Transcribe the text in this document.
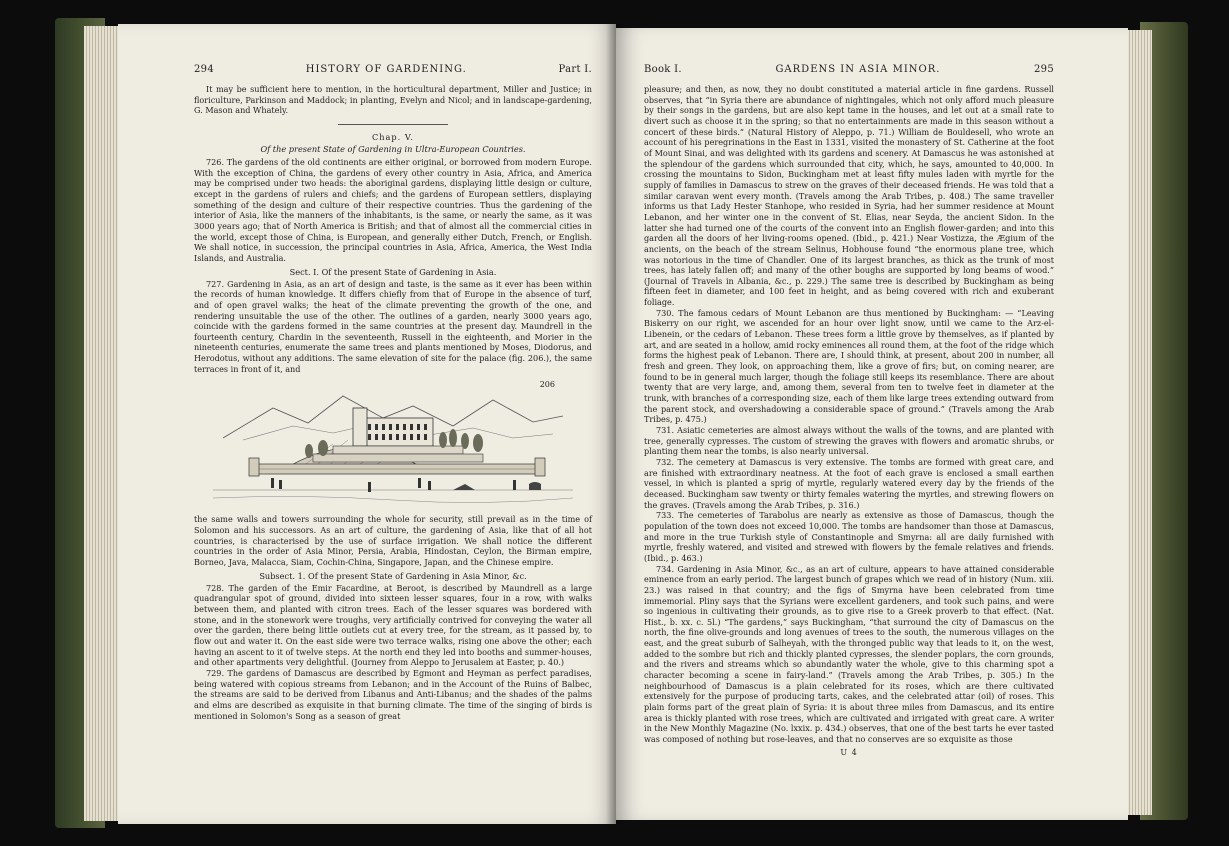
294	HISTORY OF GARDENING.	Part I.

It may be sufficient here to mention, in the horticultural department, Miller and Justice; in floriculture, Parkinson and Maddock; in planting, Evelyn and Nicol; and in landscape-gardening, G. Mason and Whately.

Chap. V.
Of the present State of Gardening in Ultra-European Countries.

726. The gardens of the old continents are either original, or borrowed from modern Europe. With the exception of China, the gardens of every other country in Asia, Africa, and America may be comprised under two heads: the aboriginal gardens, displaying little design or culture, except in the gardens of rulers and chiefs; and the gardens of European settlers, displaying something of the design and culture of their respective countries. Thus the gardening of the interior of Asia, like the manners of the inhabitants, is the same, or nearly the same, as it was 3000 years ago; that of North America is British; and that of almost all the commercial cities in the world, except those of China, is European, and generally either Dutch, French, or English. We shall notice, in succession, the principal countries in Asia, Africa, America, the West India Islands, and Australia.

Sect. I. Of the present State of Gardening in Asia.

727. Gardening in Asia, as an art of design and taste, is the same as it ever has been within the records of human knowledge. It differs chiefly from that of Europe in the absence of turf, and of open gravel walks; the heat of the climate preventing the growth of the one, and rendering unsuitable the use of the other. The outlines of a garden, nearly 3000 years ago, coincide with the gardens formed in the same countries at the present day. Maundrell in the fourteenth century, Chardin in the seventeenth, Russell in the eighteenth, and Morier in the nineteenth centuries, enumerate the same trees and plants mentioned by Moses, Diodorus, and Herodotus, without any additions. The same elevation of site for the palace (fig. 206.), the same terraces in front of it, and

206

the same walls and towers surrounding the whole for security, still prevail as in the time of Solomon and his successors. As an art of culture, the gardening of Asia, like that of all hot countries, is characterised by the use of surface irrigation. We shall notice the different countries in the order of Asia Minor, Persia, Arabia, Hindostan, Ceylon, the Birman empire, Borneo, Java, Malacca, Siam, Cochin-China, Singapore, Japan, and the Chinese empire.

Subsect. 1. Of the present State of Gardening in Asia Minor, &c.

728. The garden of the Emir Facardine, at Beroot, is described by Maundrell as a large quadrangular spot of ground, divided into sixteen lesser squares, four in a row, with walks between them, and planted with citron trees. Each of the lesser squares was bordered with stone, and in the stonework were troughs, very artificially contrived for conveying the water all over the garden, there being little outlets cut at every tree, for the stream, as it passed by, to flow out and water it. On the east side were two terrace walks, rising one above the other; each having an ascent to it of twelve steps. At the north end they led into booths and summer-houses, and other apartments very delightful. (Journey from Aleppo to Jerusalem at Easter, p. 40.)

729. The gardens of Damascus are described by Egmont and Heyman as perfect paradises, being watered with copious streams from Lebanon; and in the Account of the Ruins of Balbec, the streams are said to be derived from Libanus and Anti-Libanus; and the shades of the palms and elms are described as exquisite in that burning climate. The time of the singing of birds is mentioned in Solomon's Song as a season of great

Book I.	GARDENS IN ASIA MINOR.	295

pleasure; and then, as now, they no doubt constituted a material article in fine gardens. Russell observes, that “in Syria there are abundance of nightingales, which not only afford much pleasure by their songs in the gardens, but are also kept tame in the houses, and let out at a small rate to divert such as choose it in the spring; so that no entertainments are made in this season without a concert of these birds.” (Natural History of Aleppo, p. 71.) William de Bouldesell, who wrote an account of his peregrinations in the East in 1331, visited the monastery of St. Catherine at the foot of Mount Sinai, and was delighted with its gardens and scenery. At Damascus he was astonished at the splendour of the gardens which surrounded that city, which, he says, amounted to 40,000. In crossing the mountains to Sidon, Buckingham met at least fifty mules laden with myrtle for the supply of families in Damascus to strew on the graves of their deceased friends. He was told that a similar caravan went every month. (Travels among the Arab Tribes, p. 408.) The same traveller informs us that Lady Hester Stanhope, who resided in Syria, had her summer residence at Mount Lebanon, and her winter one in the convent of St. Elias, near Seyda, the ancient Sidon. In the latter she had turned one of the courts of the convent into an English flower-garden; and into this garden all the doors of her living-rooms opened. (Ibid., p. 421.) Near Vostizza, the Ægium of the ancients, on the beach of the stream Selinus, Hobhouse found “the enormous plane tree, which was notorious in the time of Chandler. One of its largest branches, as thick as the trunk of most trees, has lately fallen off; and many of the other boughs are supported by long beams of wood.” (Journal of Travels in Albania, &c., p. 229.) The same tree is described by Buckingham as being fifteen feet in diameter, and 100 feet in height, and as being covered with rich and exuberant foliage.

730. The famous cedars of Mount Lebanon are thus mentioned by Buckingham: — “Leaving Biskerry on our right, we ascended for an hour over light snow, until we came to the Arz-el-Libenein, or the cedars of Lebanon. These trees form a little grove by themselves, as if planted by art, and are seated in a hollow, amid rocky eminences all round them, at the foot of the ridge which forms the highest peak of Lebanon. There are, I should think, at present, about 200 in number, all fresh and green. They look, on approaching them, like a grove of firs; but, on coming nearer, are found to be in general much larger, though the foliage still keeps its resemblance. There are about twenty that are very large, and, among them, several from ten to twelve feet in diameter at the trunk, with branches of a corresponding size, each of them like large trees extending outward from the parent stock, and overshadowing a considerable space of ground.” (Travels among the Arab Tribes, p. 475.)

731. Asiatic cemeteries are almost always without the walls of the towns, and are planted with tree, generally cypresses. The custom of strewing the graves with flowers and aromatic shrubs, or planting them near the tombs, is also nearly universal.

732. The cemetery at Damascus is very extensive. The tombs are formed with great care, and are finished with extraordinary neatness. At the foot of each grave is enclosed a small earthen vessel, in which is planted a sprig of myrtle, regularly watered every day by the friends of the deceased. Buckingham saw twenty or thirty females watering the myrtles, and strewing flowers on the graves. (Travels among the Arab Tribes, p. 316.)

733. The cemeteries of Tarabolus are nearly as extensive as those of Damascus, though the population of the town does not exceed 10,000. The tombs are handsomer than those at Damascus, and more in the true Turkish style of Constantinople and Smyrna: all are daily furnished with myrtle, freshly watered, and visited and strewed with flowers by the female relatives and friends. (Ibid., p. 463.)

734. Gardening in Asia Minor, &c., as an art of culture, appears to have attained considerable eminence from an early period. The largest bunch of grapes which we read of in history (Num. xiii. 23.) was raised in that country; and the figs of Smyrna have been celebrated from time immemorial. Pliny says that the Syrians were excellent gardeners, and took such pains, and were so ingenious in cultivating their grounds, as to give rise to a Greek proverb to that effect. (Nat. Hist., b. xx. c. 5l.) “The gardens,” says Buckingham, “that surround the city of Damascus on the north, the fine olive-grounds and long avenues of trees to the south, the numerous villages on the east, and the great suburb of Salheyah, with the thronged public way that leads to it, on the west, added to the sombre but rich and thickly planted cypresses, the slender poplars, the corn grounds, and the rivers and streams which so abundantly water the whole, give to this charming spot a character becoming a scene in fairy-land.” (Travels among the Arab Tribes, p. 305.) In the neighbourhood of Damascus is a plain celebrated for its roses, which are there cultivated extensively for the purpose of producing tarts, cakes, and the celebrated attar (oil) of roses. This plain forms part of the great plain of Syria: it is about three miles from Damascus, and its entire area is thickly planted with rose trees, which are cultivated and irrigated with great care. A writer in the New Monthly Magazine (No. lxxix. p. 434.) observes, that one of the best tarts he ever tasted was composed of nothing but rose-leaves, and that no conserves are so exquisite as those

U 4
